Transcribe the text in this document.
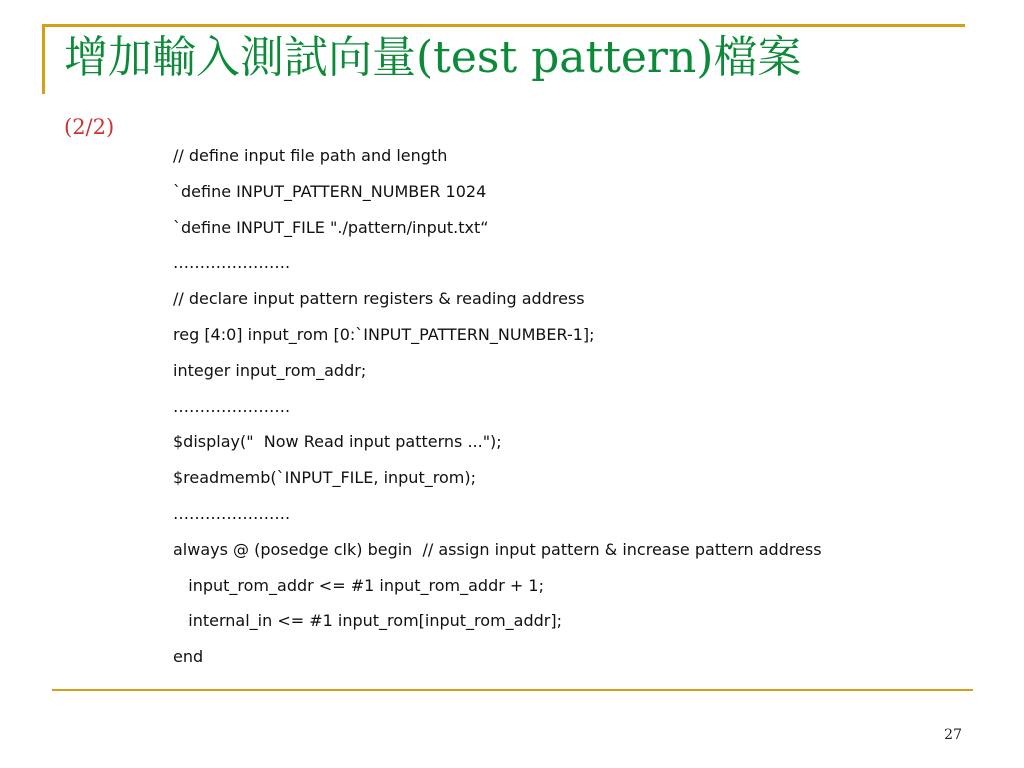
增加輸入測試向量(test pattern)檔案
(2/2)
// define input file path and length
`define INPUT_PATTERN_NUMBER 1024
`define INPUT_FILE "./pattern/input.txt“
………………….
// declare input pattern registers & reading address
reg [4:0] input_rom [0:`INPUT_PATTERN_NUMBER-1];
integer input_rom_addr;
………………….
$display("  Now Read input patterns ...");
$readmemb(`INPUT_FILE, input_rom);
………………….
always @ (posedge clk) begin  // assign input pattern & increase pattern address
input_rom_addr <= #1 input_rom_addr + 1;
internal_in <= #1 input_rom[input_rom_addr];
end
27
